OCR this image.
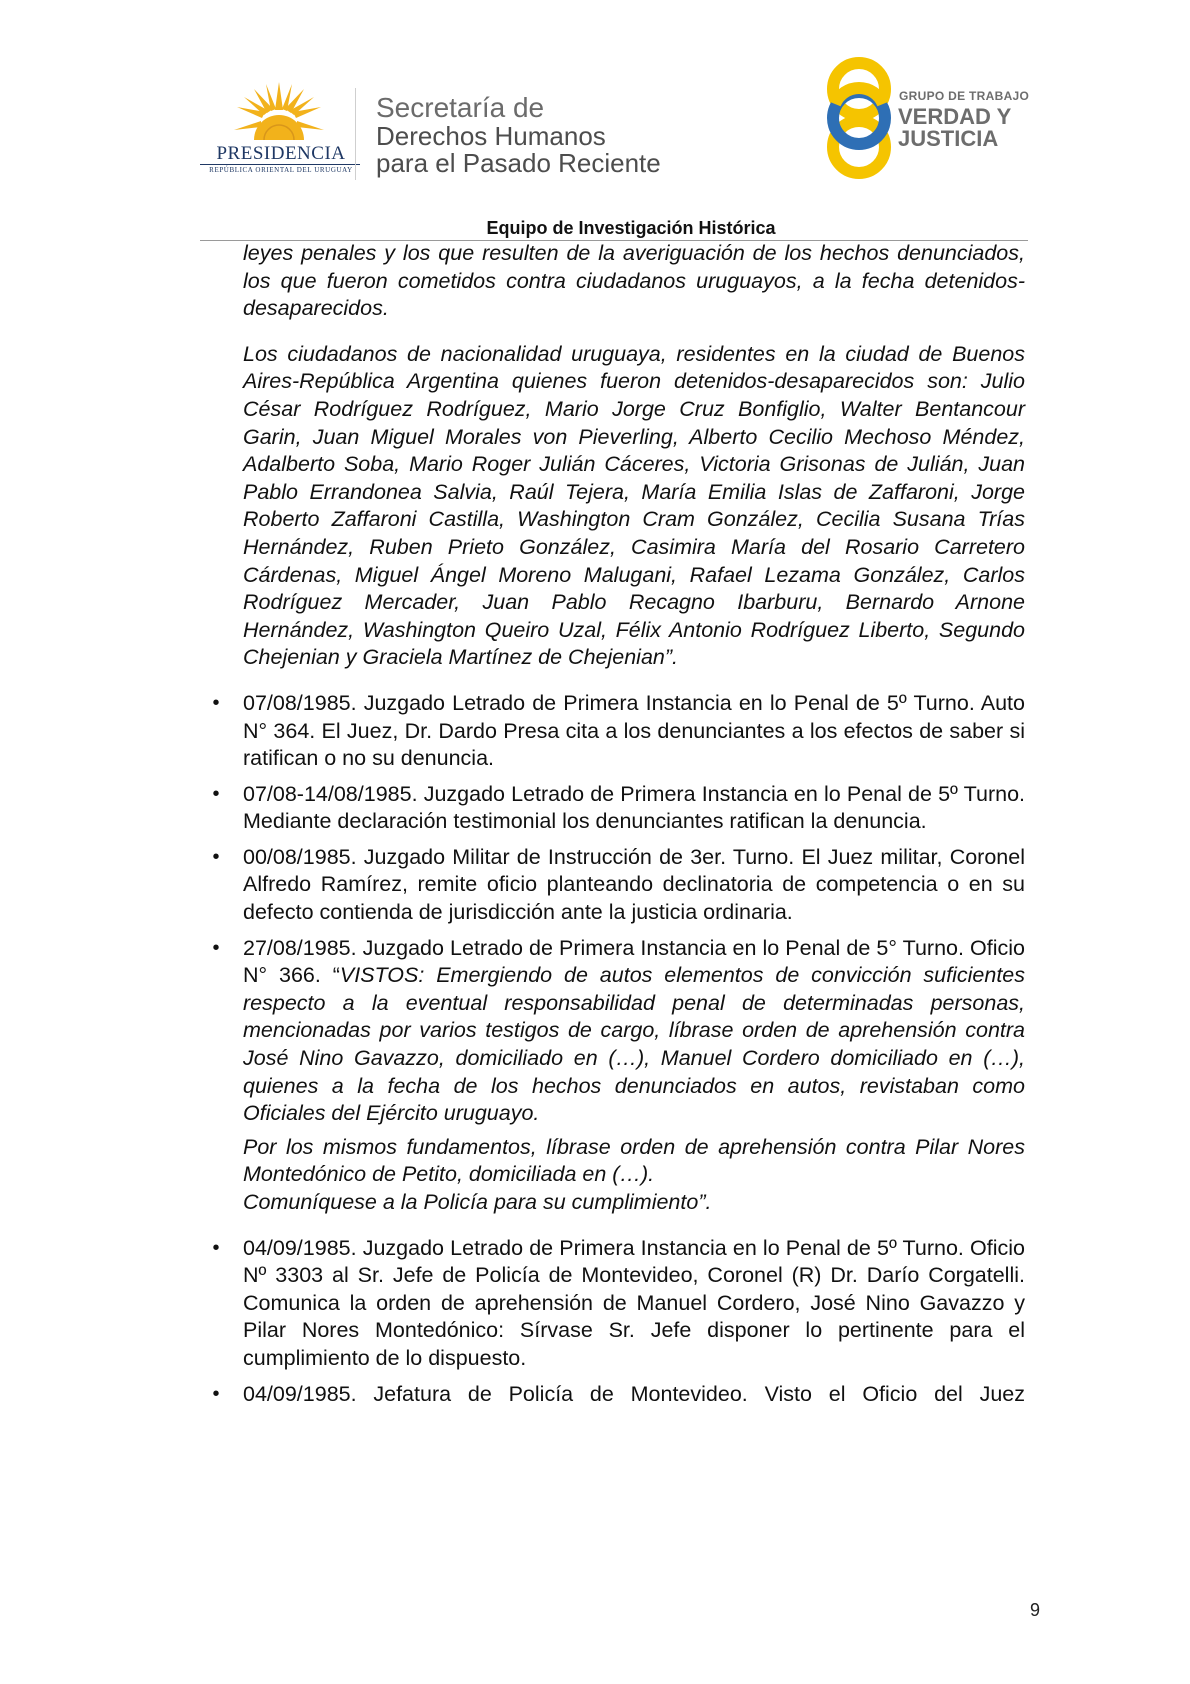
PRESIDENCIA
REPÚBLICA ORIENTAL DEL URUGUAY
Secretaría de
Derechos Humanos
para el Pasado Reciente
GRUPO DE TRABAJO
VERDAD Y
JUSTICIA
Equipo de Investigación Histórica

leyes penales y los que resulten de la averiguación de los hechos denunciados, los que fueron cometidos contra ciudadanos uruguayos, a la fecha detenidos-desaparecidos.

Los ciudadanos de nacionalidad uruguaya, residentes en la ciudad de Buenos Aires-República Argentina quienes fueron detenidos-desaparecidos son: Julio César Rodríguez Rodríguez, Mario Jorge Cruz Bonfiglio, Walter Bentancour Garin, Juan Miguel Morales von Pieverling, Alberto Cecilio Mechoso Méndez, Adalberto Soba, Mario Roger Julián Cáceres, Victoria Grisonas de Julián, Juan Pablo Errandonea Salvia, Raúl Tejera, María Emilia Islas de Zaffaroni, Jorge Roberto Zaffaroni Castilla, Washington Cram González, Cecilia Susana Trías Hernández, Ruben Prieto González, Casimira María del Rosario Carretero Cárdenas, Miguel Ángel Moreno Malugani, Rafael Lezama González, Carlos Rodríguez Mercader, Juan Pablo Recagno Ibarburu, Bernardo Arnone Hernández, Washington Queiro Uzal, Félix Antonio Rodríguez Liberto, Segundo Chejenian y Graciela Martínez de Chejenian”.

• 07/08/1985. Juzgado Letrado de Primera Instancia en lo Penal de 5º Turno. Auto N° 364. El Juez, Dr. Dardo Presa cita a los denunciantes a los efectos de saber si ratifican o no su denuncia.

• 07/08-14/08/1985. Juzgado Letrado de Primera Instancia en lo Penal de 5º Turno. Mediante declaración testimonial los denunciantes ratifican la denuncia.

• 00/08/1985. Juzgado Militar de Instrucción de 3er. Turno. El Juez militar, Coronel Alfredo Ramírez, remite oficio planteando declinatoria de competencia o en su defecto contienda de jurisdicción ante la justicia ordinaria.

• 27/08/1985. Juzgado Letrado de Primera Instancia en lo Penal de 5° Turno. Oficio N° 366. “VISTOS: Emergiendo de autos elementos de convicción suficientes respecto a la eventual responsabilidad penal de determinadas personas, mencionadas por varios testigos de cargo, líbrase orden de aprehensión contra José Nino Gavazzo, domiciliado en (…), Manuel Cordero domiciliado en (…), quienes a la fecha de los hechos denunciados en autos, revistaban como Oficiales del Ejército uruguayo.

Por los mismos fundamentos, líbrase orden de aprehensión contra Pilar Nores Montedónico de Petito, domiciliada en (…).

Comuníquese a la Policía para su cumplimiento”.

• 04/09/1985. Juzgado Letrado de Primera Instancia en lo Penal de 5º Turno. Oficio Nº 3303 al Sr. Jefe de Policía de Montevideo, Coronel (R) Dr. Darío Corgatelli. Comunica la orden de aprehensión de Manuel Cordero, José Nino Gavazzo y Pilar Nores Montedónico: Sírvase Sr. Jefe disponer lo pertinente para el cumplimiento de lo dispuesto.

• 04/09/1985. Jefatura de Policía de Montevideo. Visto el Oficio del Juez

9
